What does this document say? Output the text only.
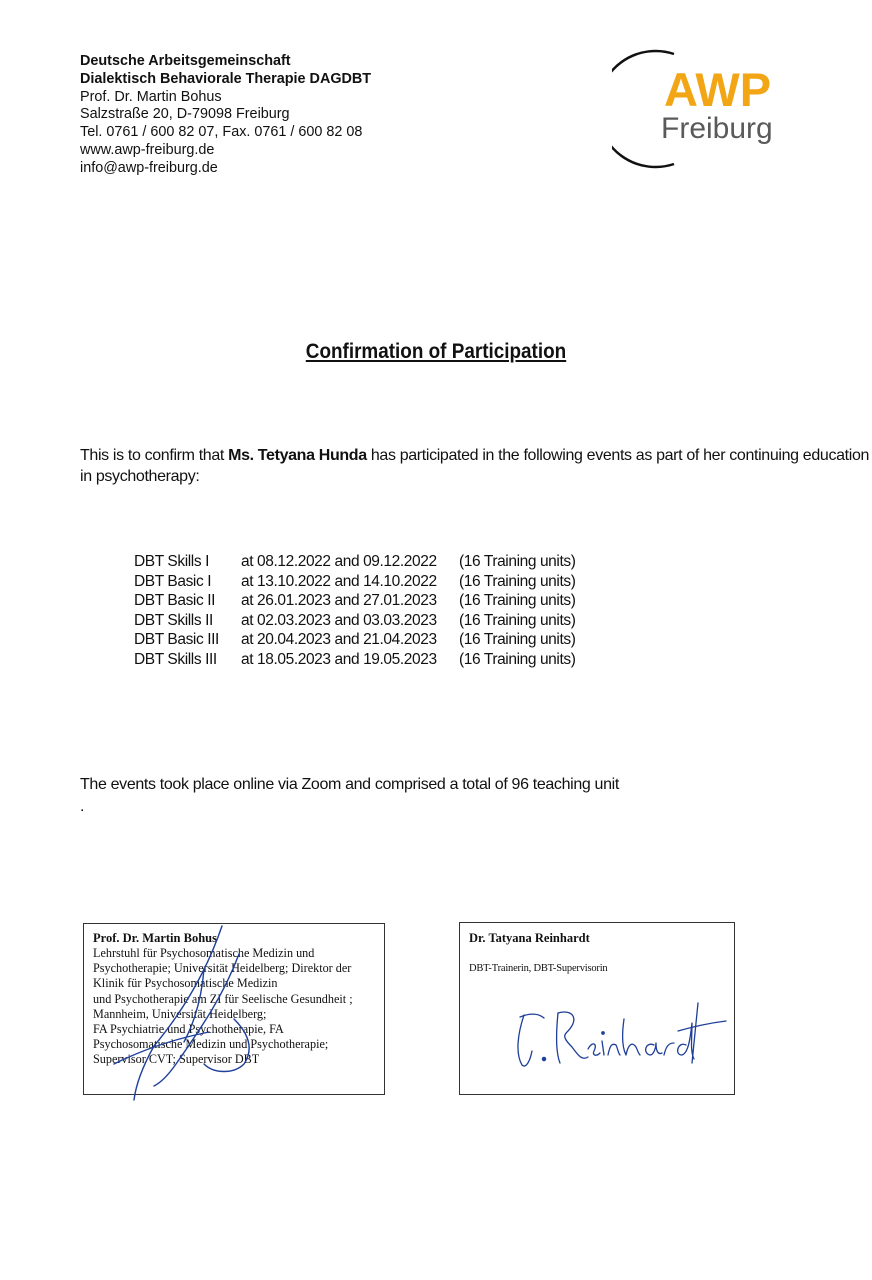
Deutsche Arbeitsgemeinschaft
Dialektisch Behaviorale Therapie DAGDBT
Prof. Dr. Martin Bohus
Salzstraße 20, D-79098 Freiburg
Tel. 0761 / 600 82 07, Fax. 0761 / 600 82 08
www.awp-freiburg.de
info@awp-freiburg.de
AWP
Freiburg
Confirmation of Participation
This is to confirm that Ms. Tetyana Hunda has participated in the following events as part of her continuing education in psychotherapy:
DBT Skills I at 08.12.2022 and 09.12.2022 (16 Training units)
DBT Basic I at 13.10.2022 and 14.10.2022 (16 Training units)
DBT Basic II at 26.01.2023 and 27.01.2023 (16 Training units)
DBT Skills II at 02.03.2023 and 03.03.2023 (16 Training units)
DBT Basic III at 20.04.2023 and 21.04.2023 (16 Training units)
DBT Skills III at 18.05.2023 and 19.05.2023 (16 Training units)
The events took place online via Zoom and comprised a total of 96 teaching unit
.
Prof. Dr. Martin Bohus
Lehrstuhl für Psychosomatische Medizin und
Psychotherapie; Universität Heidelberg; Direktor der
Klinik für Psychosomatische Medizin
und Psychotherapie am ZI für Seelische Gesundheit ;
Mannheim, Universität Heidelberg;
FA Psychiatrie und Psychotherapie, FA
Psychosomatische Medizin und Psychotherapie;
Supervisor CVT; Supervisor DBT
Dr. Tatyana Reinhardt
DBT-Trainerin, DBT-Supervisorin
